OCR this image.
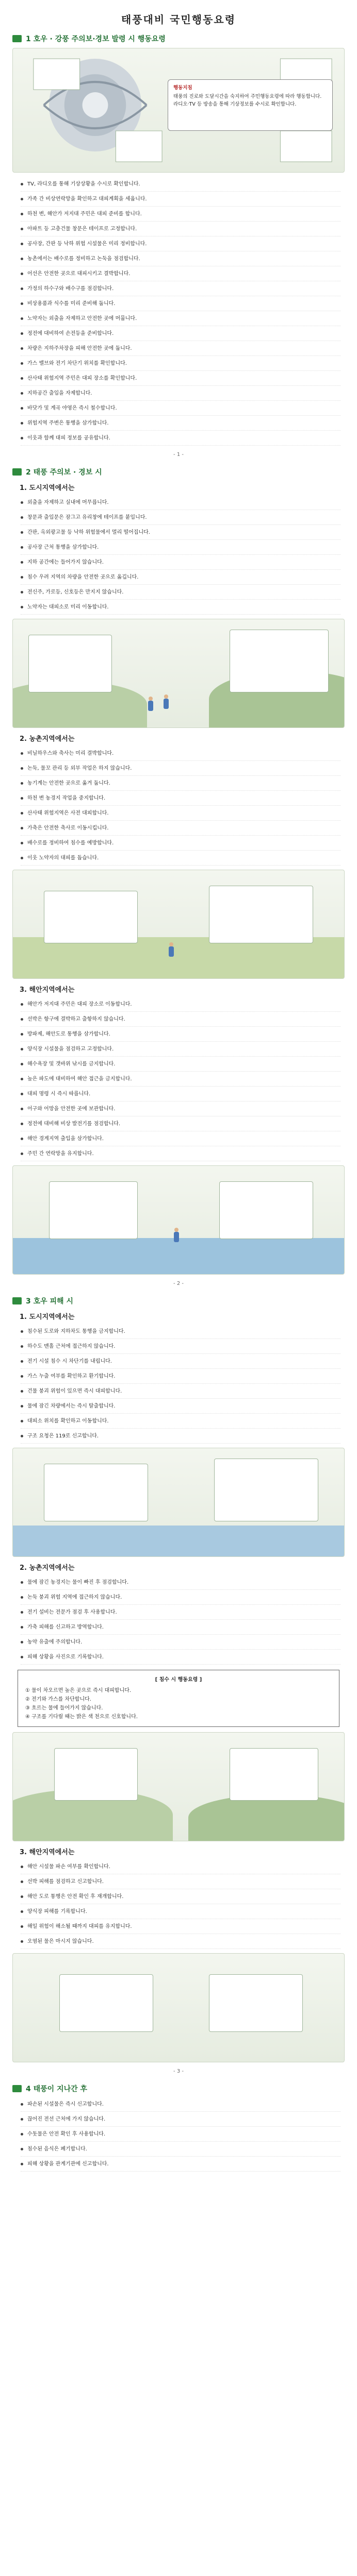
태풍대비 국민행동요령
1 호우 · 강풍 주의보·경보 발령 시 행동요령
행동지침
태풍의 진로와 도달시간을 숙지하여 주민행동요령에 따라 행동합니다. 라디오·TV 등 방송을 통해 기상정보를 수시로 확인합니다.
TV, 라디오를 통해 기상상황을 수시로 확인합니다.
가족 간 비상연락망을 확인하고 대피계획을 세웁니다.
하천 변, 해안가 저지대 주민은 대피 준비를 합니다.
아파트 등 고층건물 창문은 테이프로 고정합니다.
공사장, 간판 등 낙하 위험 시설물은 미리 정비합니다.
농촌에서는 배수로를 정비하고 논둑을 점검합니다.
어선은 안전한 곳으로 대피시키고 결박합니다.
가정의 하수구와 배수구를 점검합니다.
비상용품과 식수를 미리 준비해 둡니다.
노약자는 외출을 자제하고 안전한 곳에 머뭅니다.
정전에 대비하여 손전등을 준비합니다.
차량은 지하주차장을 피해 안전한 곳에 둡니다.
가스 밸브와 전기 차단기 위치를 확인합니다.
산사태 위험지역 주민은 대피 장소를 확인합니다.
지하공간 출입을 자제합니다.
바닷가 및 계곡 야영은 즉시 철수합니다.
위험지역 주변은 통행을 삼가합니다.
이웃과 함께 대피 정보를 공유합니다.
- 1 -
2 태풍 주의보 · 경보 시
1. 도시지역에서는
외출을 자제하고 실내에 머무릅니다.
창문과 출입문은 잠그고 유리창에 테이프를 붙입니다.
간판, 옥외광고물 등 낙하 위험물에서 멀리 떨어집니다.
공사장 근처 통행을 삼가합니다.
지하 공간에는 들어가지 않습니다.
침수 우려 지역의 차량을 안전한 곳으로 옮깁니다.
전신주, 가로등, 신호등은 만지지 않습니다.
노약자는 대피소로 미리 이동합니다.
2. 농촌지역에서는
비닐하우스와 축사는 미리 결박합니다.
논둑, 물꼬 관리 등 외부 작업은 하지 않습니다.
농기계는 안전한 곳으로 옮겨 둡니다.
하천 변 농경지 작업을 중지합니다.
산사태 위험지역은 사전 대피합니다.
가축은 안전한 축사로 이동시킵니다.
배수로를 정비하여 침수를 예방합니다.
이웃 노약자의 대피를 돕습니다.
3. 해안지역에서는
해안가 저지대 주민은 대피 장소로 이동합니다.
선박은 항구에 결박하고 출항하지 않습니다.
방파제, 해안도로 통행을 삼가합니다.
양식장 시설물을 점검하고 고정합니다.
해수욕장 및 갯바위 낚시를 금지합니다.
높은 파도에 대비하여 해안 접근을 금지합니다.
대피 명령 시 즉시 따릅니다.
어구와 어망을 안전한 곳에 보관합니다.
정전에 대비해 비상 발전기를 점검합니다.
해안 경계지역 출입을 삼가합니다.
주민 간 연락망을 유지합니다.
- 2 -
3 호우 피해 시
1. 도시지역에서는
침수된 도로와 지하차도 통행을 금지합니다.
하수도 맨홀 근처에 접근하지 않습니다.
전기 시설 침수 시 차단기를 내립니다.
가스 누출 여부를 확인하고 환기합니다.
건물 붕괴 위험이 있으면 즉시 대피합니다.
물에 잠긴 차량에서는 즉시 탈출합니다.
대피소 위치를 확인하고 이동합니다.
구조 요청은 119로 신고합니다.
2. 농촌지역에서는
물에 잠긴 농경지는 물이 빠진 후 점검합니다.
논둑 붕괴 위험 지역에 접근하지 않습니다.
전기 설비는 전문가 점검 후 사용합니다.
가축 피해를 신고하고 방역합니다.
농약 유출에 주의합니다.
피해 상황을 사진으로 기록합니다.
[ 침수 시 행동요령 ]
① 물이 차오르면 높은 곳으로 즉시 대피합니다.
② 전기와 가스를 차단합니다.
③ 흐르는 물에 들어가지 않습니다.
④ 구조를 기다릴 때는 밝은 색 천으로 신호합니다.
3. 해안지역에서는
해안 시설물 파손 여부를 확인합니다.
선박 피해를 점검하고 신고합니다.
해안 도로 통행은 안전 확인 후 재개합니다.
양식장 피해를 기록합니다.
해일 위험이 해소될 때까지 대피를 유지합니다.
오염된 물은 마시지 않습니다.
- 3 -
4 태풍이 지나간 후
파손된 시설물은 즉시 신고합니다.
끊어진 전선 근처에 가지 않습니다.
수돗물은 안전 확인 후 사용합니다.
침수된 음식은 폐기합니다.
피해 상황을 관계기관에 신고합니다.
